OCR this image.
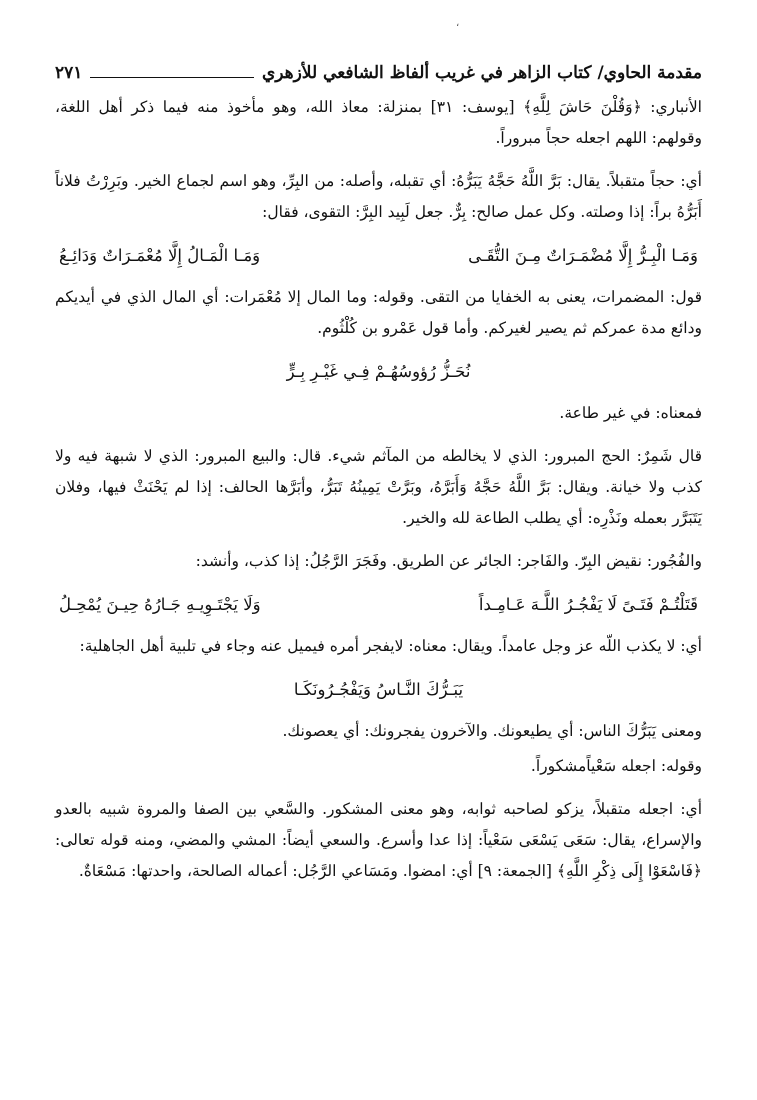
،
مقدمة الحاوي/ كتاب الزاهر في غريب ألفاظ الشافعي للأزهري
٢٧١

الأنباري: ﴿وَقُلْنَ حَاشَ لِلَّهِ﴾ [يوسف: ٣١] بمنزلة: معاذ الله، وهو مأخوذ منه فيما ذكر أهل اللغة، وقولهم: اللهم اجعله حجاً مبروراً.

أي: حجاً متقبلاً. يقال: بَرَّ اللَّهُ حَجَّهُ يَبَرُّهُ: أي تقبله، وأصله: من البِرِّ، وهو اسم لجماع الخير. وبَرِرْتُ فلاناً أَبَرُّهُ براً: إذا وصلته. وكل عمل صالح: بِرٌّ. جعل لَبِيد البِرَّ: التقوى، فقال:

وَمَـا الْبِـرُّ إِلَّا مُضْمَـرَاتٌ مِـنَ التُّقَـى
وَمَـا الْمَـالُ إِلَّا مُعْمَـرَاتٌ وَدَائِـعُ

قول: المضمرات، يعنى به الخفايا من التقى. وقوله: وما المال إلا مُعْمَرات: أي المال الذي في أيديكم ودائع مدة عمركم ثم يصير لغيركم. وأما قول عَمْرو بن كُلْثُوم.

نُحَـزُّ رُؤوسُهُـمْ فِـي غَيْـرِ بِـرٍّ

فمعناه: في غير طاعة.

قال شَمِرٌ: الحج المبرور: الذي لا يخالطه من المآثم شيء. قال: والبيع المبرور: الذي لا شبهة فيه ولا كذب ولا خيانة. ويقال: بَرَّ اللَّهُ حَجَّهُ وَأَبَرَّهُ، وبَرَّتْ يَمِينُهُ تَبَرُّ، وأبَرَّها الحالف: إذا لم يَحْنَثْ فيها، وفلان يَتَبَرَّر بعمله ونَذْرِه: أي يطلب الطاعة لله والخير.

والفُجُور: نقيض البِرّ. والفَاجر: الجائر عن الطريق. وفَجَرَ الرَّجُلُ: إذا كذب، وأنشد:

قَتَلْتُـمْ فَتَـىً لَا يَفْجُـرُ اللَّـهَ عَـامِـداً
وَلَا يَجْتَـوِيـهِ جَـارُهُ حِيـنَ يُمْحِـلُ

أي: لا يكذب اللّه عز وجل عامداً. ويقال: معناه: لايفجر أمره فيميل عنه وجاء في تلبية أهل الجاهلية:

يَبَـرُّكَ النَّـاسُ وَيَفْجُـرُونَكَـا

ومعنى يَبَرُّكَ الناس: أي يطيعونك. والآخرون يفجرونك: أي يعصونك.

وقوله: اجعله سَعْياًمشكوراً.

أي: اجعله متقبلاً، يزكو لصاحبه ثوابه، وهو معنى المشكور. والسَّعي بين الصفا والمروة شبيه بالعدو والإسراع، يقال: سَعَى يَسْعَى سَعْياً: إذا عدا وأسرع. والسعي أيضاً: المشي والمضي، ومنه قوله تعالى: ﴿فَاسْعَوْا إِلَى ذِكْرِ اللَّهِ﴾ [الجمعة: ٩] أي: امضوا. ومَسَاعي الرَّجُل: أعماله الصالحة، واحدتها: مَسْعَاةٌ.
